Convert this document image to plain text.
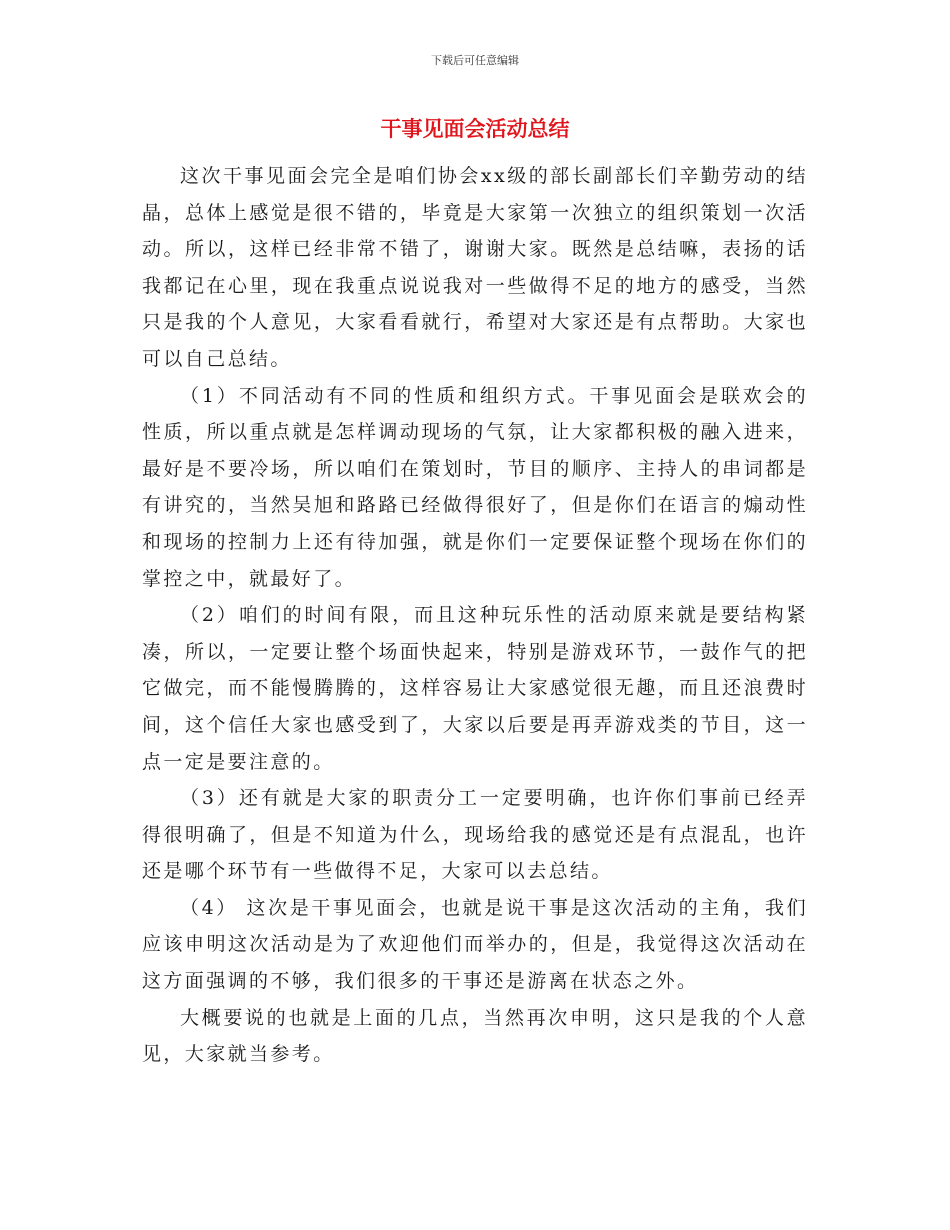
下载后可任意编辑
干事见面会活动总结

这次干事见面会完全是咱们协会xx级的部长副部长们辛勤劳动的结晶，总体上感觉是很不错的，毕竟是大家第一次独立的组织策划一次活动。所以，这样已经非常不错了，谢谢大家。既然是总结嘛，表扬的话我都记在心里，现在我重点说说我对一些做得不足的地方的感受，当然只是我的个人意见，大家看看就行，希望对大家还是有点帮助。大家也可以自己总结。

（1）不同活动有不同的性质和组织方式。干事见面会是联欢会的性质，所以重点就是怎样调动现场的气氛，让大家都积极的融入进来，最好是不要冷场，所以咱们在策划时，节目的顺序、主持人的串词都是有讲究的，当然吴旭和路路已经做得很好了，但是你们在语言的煽动性和现场的控制力上还有待加强，就是你们一定要保证整个现场在你们的掌控之中，就最好了。

（2）咱们的时间有限，而且这种玩乐性的活动原来就是要结构紧凑，所以，一定要让整个场面快起来，特别是游戏环节，一鼓作气的把它做完，而不能慢腾腾的，这样容易让大家感觉很无趣，而且还浪费时间，这个信任大家也感受到了，大家以后要是再弄游戏类的节目，这一点一定是要注意的。

（3）还有就是大家的职责分工一定要明确，也许你们事前已经弄得很明确了，但是不知道为什么，现场给我的感觉还是有点混乱，也许还是哪个环节有一些做得不足，大家可以去总结。

（4） 这次是干事见面会，也就是说干事是这次活动的主角，我们应该申明这次活动是为了欢迎他们而举办的，但是，我觉得这次活动在这方面强调的不够，我们很多的干事还是游离在状态之外。

大概要说的也就是上面的几点，当然再次申明，这只是我的个人意见，大家就当参考。
